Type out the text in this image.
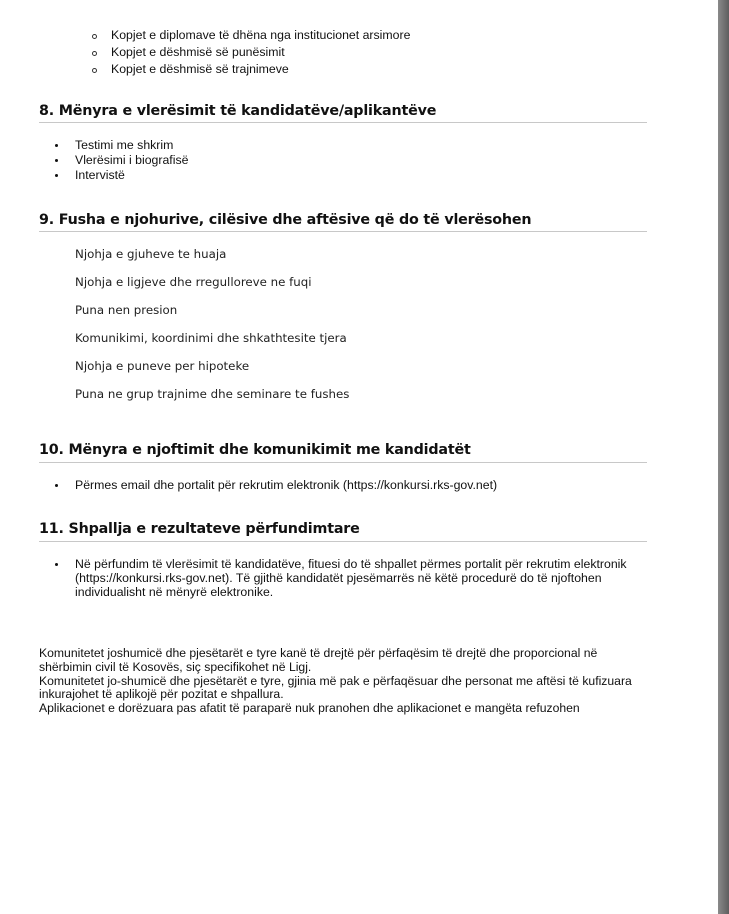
Kopjet e diplomave të dhëna nga institucionet arsimore
Kopjet e dëshmisë së punësimit
Kopjet e dëshmisë së trajnimeve
8. Mënyra e vlerësimit të kandidatëve/aplikantëve
Testimi me shkrim
Vlerësimi i biografisë
Intervistë
9. Fusha e njohurive, cilësive dhe aftësive që do të vlerësohen
Njohja e gjuheve te huaja
Njohja e ligjeve dhe rregulloreve ne fuqi
Puna nen presion
Komunikimi, koordinimi dhe shkathtesite tjera
Njohja e puneve per hipoteke
Puna ne grup trajnime dhe seminare te fushes
10. Mënyra e njoftimit dhe komunikimit me kandidatët
Përmes email dhe portalit për rekrutim elektronik (https://konkursi.rks-gov.net)
11. Shpallja e rezultateve përfundimtare
Në përfundim të vlerësimit të kandidatëve, fituesi do të shpallet përmes portalit për rekrutim elektronik
(https://konkursi.rks-gov.net). Të gjithë kandidatët pjesëmarrës në këtë procedurë do të njoftohen
individualisht në mënyrë elektronike.
Komunitetet joshumicë dhe pjesëtarët e tyre kanë të drejtë për përfaqësim të drejtë dhe proporcional në
shërbimin civil të Kosovës, siç specifikohet në Ligj.
Komunitetet jo-shumicë dhe pjesëtarët e tyre, gjinia më pak e përfaqësuar dhe personat me aftësi të kufizuara
inkurajohet të aplikojë për pozitat e shpallura.
Aplikacionet e dorëzuara pas afatit të paraparë nuk pranohen dhe aplikacionet e mangëta refuzohen
